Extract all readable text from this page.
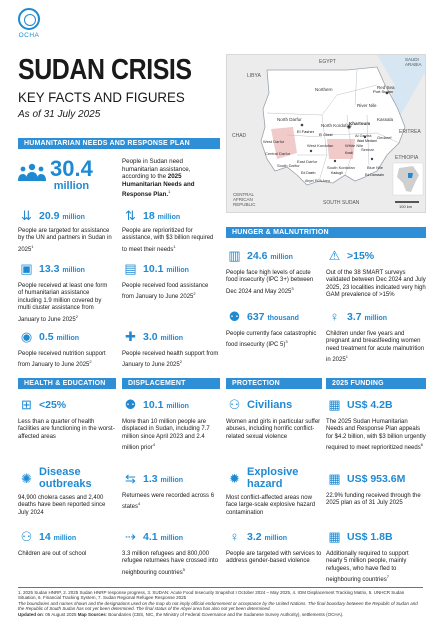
OCHA
SUDAN CRISIS
KEY FACTS AND FIGURES
As of 31 July 2025
LIBYA
EGYPT	SAUDI ARABIA
CHAD
ERITREA
ETHIOPIA
CENTRAL AFRICAN REPUBLIC	SOUTH SUDAN
Northern
River Nile
Red Sea
North Darfur
North Kordofan
Khartoum
Kassala
Al Gezira Gedaref
White Nile
Sennar
West Darfur
Central Darfur
South Darfur
East Darfur
West Kordofan
South Kordofan	Blue Nile
Abyei PCA Area
Port Sudan
El Fasher
Ed Daein	Kadugli
Kosti
Ed Damazin
Wad Medani
El Obeid
100 km
HUMANITARIAN NEEDS AND RESPONSE PLAN
30.4
million
People in Sudan need humanitarian assistance, according to the 2025 Humanitarian Needs and Response Plan.$^1$
⇊ 20.9 million
People are targeted for assistance by the UN and partners in Sudan in 2025$^1$
⇅ 18 million
People are reprioritized for assistance, with $3 billion required to meet their needs$^1$
▣ 13.3 million
People received at least one form of humanitarian assistance including 1.9 million covered by multi cluster assistance from January to June 2025$^2$
▤ 10.1 million
People received food assistance from January to June 2025$^2$
◉ 0.5 million
People received nutrition support from January to June 2025$^2$
✚ 3.0 million
People received health support from January to June 2025$^2$
HUNGER & MALNUTRITION
▥ 24.6 million
People face high levels of acute food insecurity (IPC 3+) between Dec 2024 and May 2025$^3$
⚠ >15%
Out of the 38 SMART surveys validated between Dec 2024 and July 2025, 23 localities indicated very high GAM prevalence of >15%
⚉ 637 thousand
People currently face catastrophic food insecurity (IPC 5)$^3$
♀ 3.7 million
Children under five years and pregnant and breastfeeding women need treatment for acute malnutrition in 2025$^1$
HEALTH & EDUCATION	DISPLACEMENT	PROTECTION	2025 FUNDING
⊞ <25%
Less than a quarter of health facilities are functioning in the worst-affected areas
✺ Disease outbreaks
94,900 cholera cases and 2,400 deaths have been reported since July 2024
⚇ 14 million
Children are out of school
⚉ 10.1 million
More than 10 million people are displaced in Sudan, including 7.7 million since April 2023 and 2.4 million prior$^4$
⇆ 1.3 million
Returnees were recorded across 6 states$^4$
⇢ 4.1 million
3.3 million refugees and 800,000 refugee returnees have crossed into neighbouring countries$^5$
⚇ Civilians
Women and girls in particular suffer abuses, including horrific conflict-related sexual violence
✹ Explosive hazard
Most conflict-affected areas now face large-scale explosive hazard contamination
♀ 3.2 million
People are targeted with services to address gender-based violence
▦ US$ 4.2B
The 2025 Sudan Humanitarian Needs and Response Plan appeals for $4.2 billion, with $3 billion urgently required to meet reprioritized needs$^6$
▦ US$ 953.6M
22.9% funding received through the 2025 plan as of 31 July 2025
▦ US$ 1.8B
Additionally required to support nearly 5 million people, mainly refugees, who have fled to neighbouring countries$^7$
1. 2025 Sudan HNRP, 2. 2025 Sudan HNRP response progress, 3. SUDAN: Acute Food Insecurity Snapshot I October 2024 – May 2025, 4. IOM Displacement Tracking Matrix, 5. UNHCR Sudan Situation, 6. Financial Tracking System, 7. Sudan Regional Refugee Response 2025
The boundaries and names shown and the designations used on the map do not imply official endorsement or acceptance by the United Nations. The final boundary between the Republic of Sudan and the Republic of South Sudan has not yet been determined. The final status of the Abyei area has also not yet been determined.
Updated on: 05 August 2025 Map Sources: Boundaries (CBS, NIC, the Ministry of Federal Governance and the Sudanese Survey Authority), settlements (OCHA).
